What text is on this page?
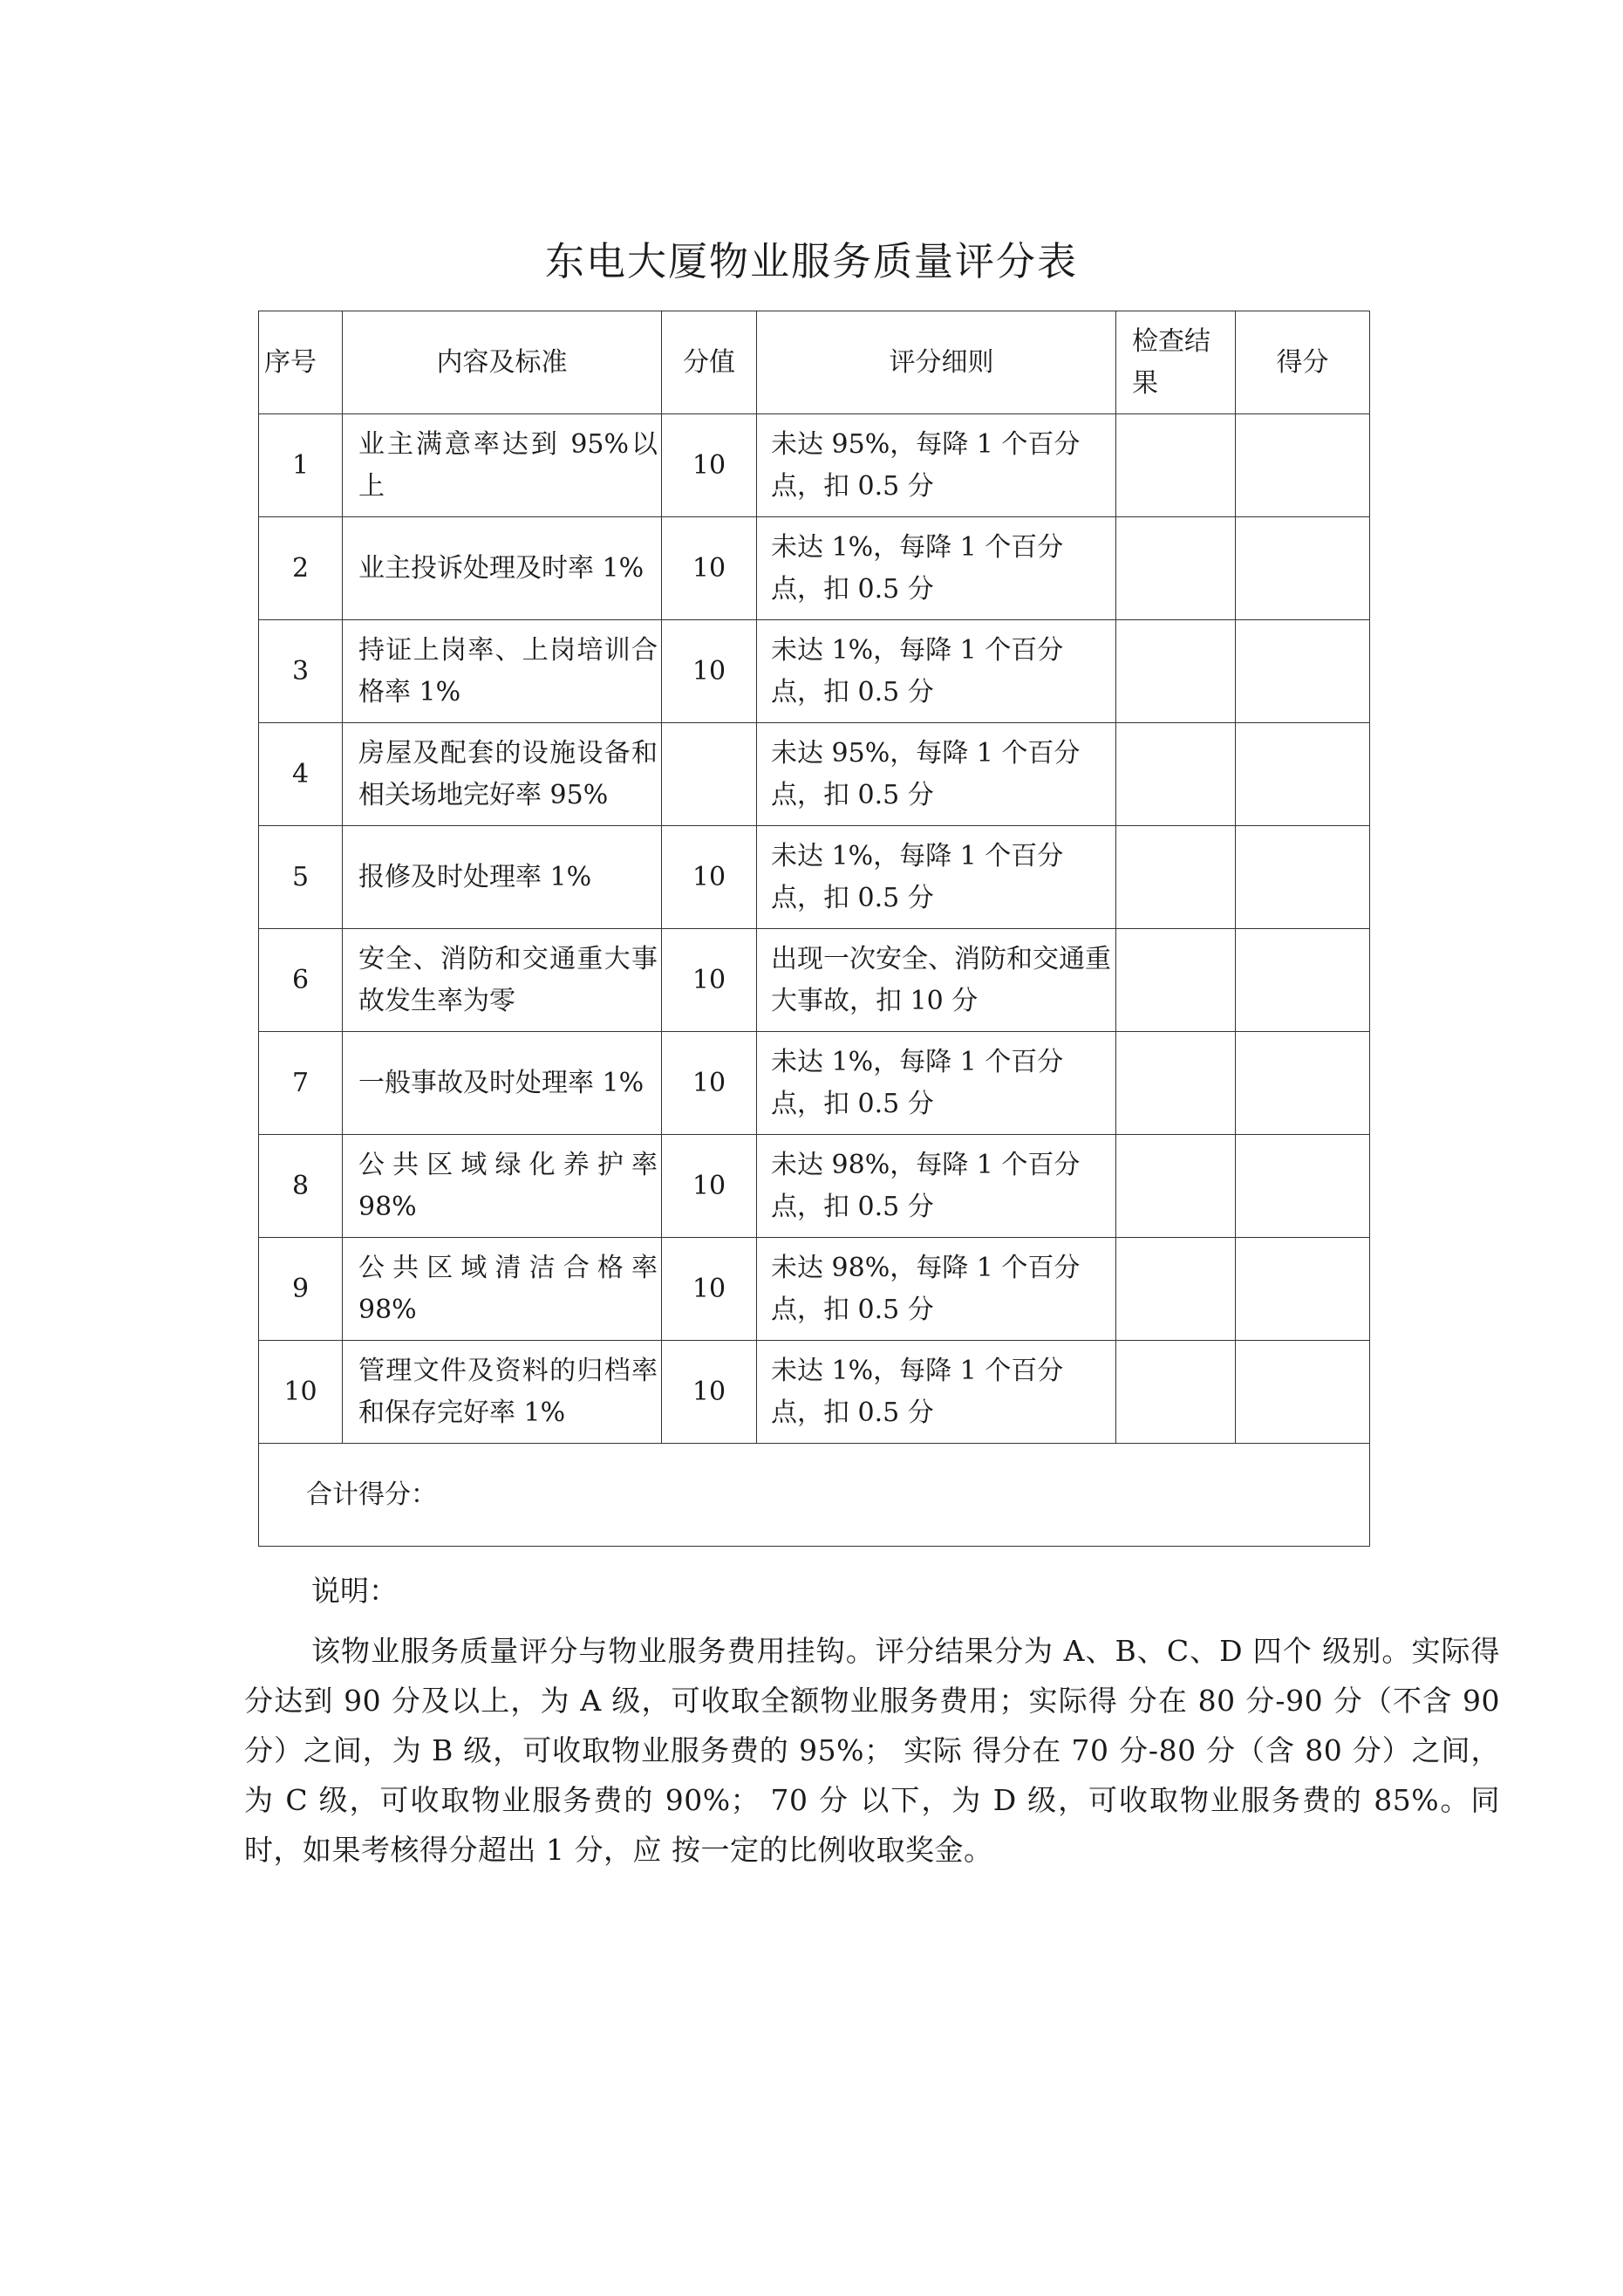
东电大厦物业服务质量评分表
序号	内容及标准	分值	评分细则	检查结果	得分
1	业主满意率达到 95%以上	10	未达 95%，每降 1 个百分点，扣 0.5 分		
2	业主投诉处理及时率 1%	10	未达 1%，每降 1 个百分 点，扣 0.5 分		
3	持证上岗率、上岗培训合格率 1%	10	未达 1%，每降 1 个百分 点，扣 0.5 分		
4	房屋及配套的设施设备和相关场地完好率 95%		未达 95%，每降 1 个百分点，扣 0.5 分		
5	报修及时处理率 1%	10	未达 1%，每降 1 个百分 点，扣 0.5 分		
6	安全、消防和交通重大事故发生率为零	10	出现一次安全、消防和交通重大事故，扣 10 分		
7	一般事故及时处理率 1%	10	未达 1%，每降 1 个百分 点，扣 0.5 分		
8	公共区域绿化养护率 98%	10	未达 98%，每降 1 个百分点，扣 0.5 分		
9	公共区域清洁合格率 98%	10	未达 98%，每降 1 个百分点，扣 0.5 分		
10	管理文件及资料的归档率和保存完好率 1%	10	未达 1%，每降 1 个百分 点，扣 0.5 分		
合计得分：					
说明：
该物业服务质量评分与物业服务费用挂钩。评分结果分为 A、B、C、D 四个 级别。实际得分达到 90 分及以上，为 A 级，可收取全额物业服务费用；实际得 分在 80 分-90 分（不含 90 分）之间，为 B 级，可收取物业服务费的 95%； 实际 得分在 70 分-80 分（含 80 分）之间，为 C 级，可收取物业服务费的 90%； 70 分 以下，为 D 级，可收取物业服务费的 85%。同时，如果考核得分超出 1 分，应 按一定的比例收取奖金。
